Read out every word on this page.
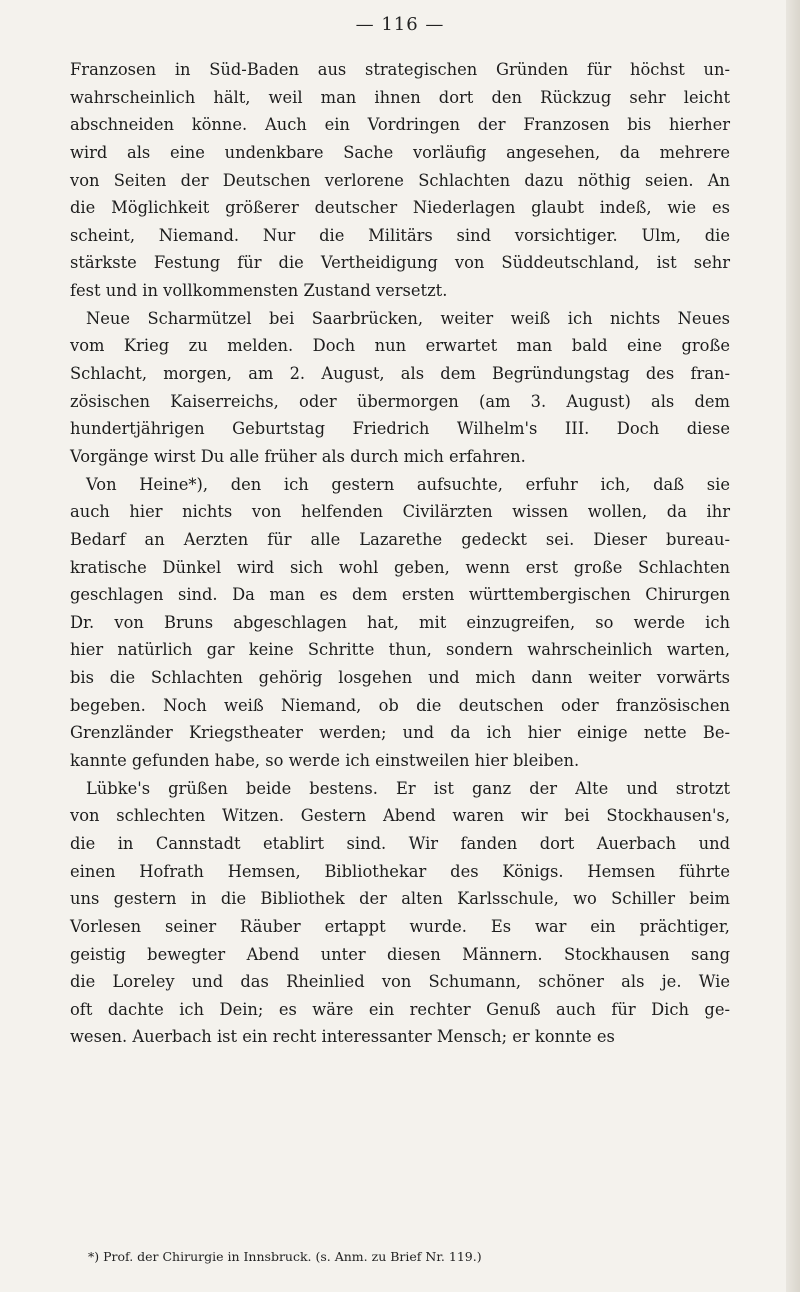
— 116 —
Franzosen in Süd-Baden aus strategischen Gründen für höchst un-
wahrscheinlich hält, weil man ihnen dort den Rückzug sehr leicht
abschneiden könne. Auch ein Vordringen der Franzosen bis hierher
wird als eine undenkbare Sache vorläufig angesehen, da mehrere
von Seiten der Deutschen verlorene Schlachten dazu nöthig seien. An
die Möglichkeit größerer deutscher Niederlagen glaubt indeß, wie es
scheint, Niemand. Nur die Militärs sind vorsichtiger. Ulm, die
stärkste Festung für die Vertheidigung von Süddeutschland, ist sehr
fest und in vollkommensten Zustand versetzt.
Neue Scharmützel bei Saarbrücken, weiter weiß ich nichts Neues
vom Krieg zu melden. Doch nun erwartet man bald eine große
Schlacht, morgen, am 2. August, als dem Begründungstag des fran-
zösischen Kaiserreichs, oder übermorgen (am 3. August) als dem
hundertjährigen Geburtstag Friedrich Wilhelm's III. Doch diese
Vorgänge wirst Du alle früher als durch mich erfahren.
Von Heine*), den ich gestern aufsuchte, erfuhr ich, daß sie
auch hier nichts von helfenden Civilärzten wissen wollen, da ihr
Bedarf an Aerzten für alle Lazarethe gedeckt sei. Dieser bureau-
kratische Dünkel wird sich wohl geben, wenn erst große Schlachten
geschlagen sind. Da man es dem ersten württembergischen Chirurgen
Dr. von Bruns abgeschlagen hat, mit einzugreifen, so werde ich
hier natürlich gar keine Schritte thun, sondern wahrscheinlich warten,
bis die Schlachten gehörig losgehen und mich dann weiter vorwärts
begeben. Noch weiß Niemand, ob die deutschen oder französischen
Grenzländer Kriegstheater werden; und da ich hier einige nette Be-
kannte gefunden habe, so werde ich einstweilen hier bleiben.
Lübke's grüßen beide bestens. Er ist ganz der Alte und strotzt
von schlechten Witzen. Gestern Abend waren wir bei Stockhausen's,
die in Cannstadt etablirt sind. Wir fanden dort Auerbach und
einen Hofrath Hemsen, Bibliothekar des Königs. Hemsen führte
uns gestern in die Bibliothek der alten Karlsschule, wo Schiller beim
Vorlesen seiner Räuber ertappt wurde. Es war ein prächtiger,
geistig bewegter Abend unter diesen Männern. Stockhausen sang
die Loreley und das Rheinlied von Schumann, schöner als je. Wie
oft dachte ich Dein; es wäre ein rechter Genuß auch für Dich ge-
wesen. Auerbach ist ein recht interessanter Mensch; er konnte es
*) Prof. der Chirurgie in Innsbruck. (s. Anm. zu Brief Nr. 119.)
